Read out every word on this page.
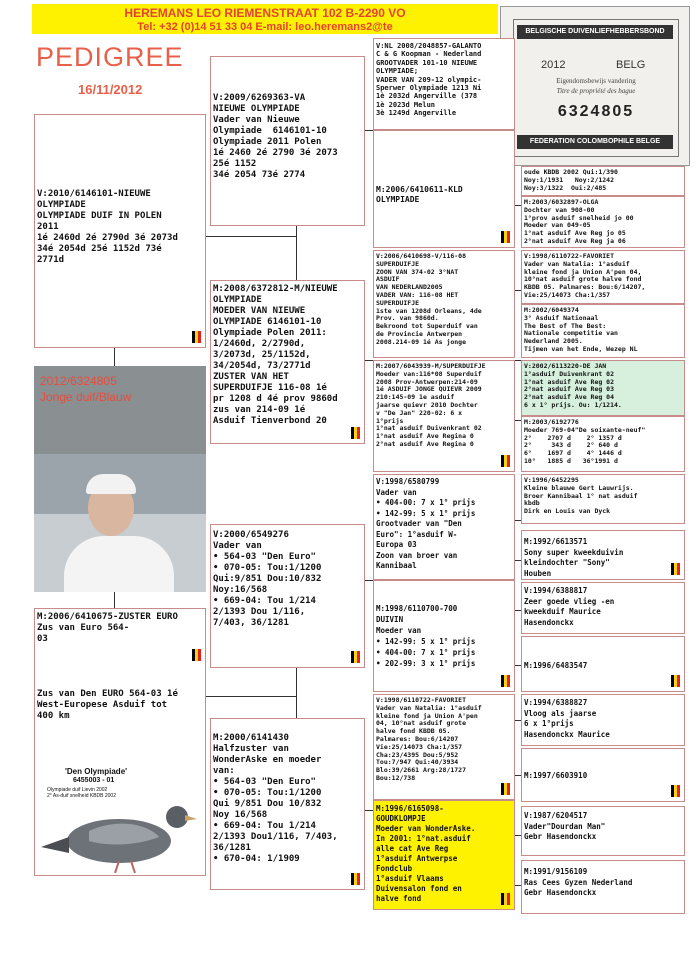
HEREMANS LEO RIEMENSTRAAT 102 B-2290 VO
Tel: +32 (0)14 51 33 04 E-mail: leo.heremans2@te
PEDIGREE
16/11/2012
BELGISCHE DUIVENLIEFHEBBERSBOND
2012	BELG
Eigendomsbewijs vandering
Titre de propriété des bague
6324805
FEDERATION COLOMBOPHILE BELGE
V:2010/6146101-NIEUWE
OLYMPIADE
OLYMPIADE DUIF IN POLEN
2011
1é 2460d 2é 2790d 3é 2073d
34é 2054d 25é 1152d 73é
2771d
2012/6324805
Jonge duif/Blauw
M:2006/6410675-ZUSTER EURO
Zus van Euro 564-
03

Zus van Den EURO 564-03 1é
West-Europese Asduif tot
400 km
'Den Olympiade'
6455003 - 01
Olympiade duif Lievin 2002
2° As-duif snelheid KBDB 2002
V:2009/6269363-VA
NIEUWE OLYMPIADE
Vader van Nieuwe
Olympiade  6146101-10
Olympiade 2011 Polen
1é 2460 2é 2790 3é 2073
25é 1152
34é 2054 73é 2774
M:2008/6372812-M/NIEUWE
OLYMPIADE
MOEDER VAN NIEUWE
OLYMPIADE 6146101-10
Olympiade Polen 2011:
1/2460d, 2/2790d,
3/2073d, 25/1152d,
34/2054d, 73/2771d
ZUSTER VAN HET
SUPERDUIFJE 116-08 1é
pr 1208 d 4é prov 9860d
zus van 214-09 1é
Asduif Tienverbond 20
V:2000/6549276
Vader van
• 564-03 "Den Euro"
• 070-05: Tou:1/1200
Qui:9/851 Dou:10/832
Noy:16/568
• 669-04: Tou 1/214
2/1393 Dou 1/116,
7/403, 36/1281
M:2000/6141430
Halfzuster van
WonderAske en moeder
van:
• 564-03 "Den Euro"
• 070-05: Tou:1/1200
Qui 9/851 Dou 10/832
Noy 16/568
• 669-04: Tou 1/214
2/1393 Dou1/116, 7/403,
36/1281
• 670-04: 1/1909
V:NL 2008/2048857-GALANTO
C & G Koopman - Nederland
GROOTVADER 101-10 NIEUWE
OLYMPIADE;
VADER VAN 209-12 olympic-
Sperwer Olympiade 1213 Ni
1è 2032d Angerville (378
1è 2023d Melun
3è 1249d Angerville
M:2006/6410611-KLD
OLYMPIADE
V:2006/6410698-V/116-08
SUPERDUIFJE
ZOON VAN 374-02 3°NAT
ASDUIF
VAN NEDERLAND2005
VADER VAN: 116-08 HET
SUPERDUIFJE
1ste van 1208d Orleans, 4de
Prov. van 9860d.
Bekroond tot Superduif van
de Provincie Antwerpen
2008.214-09 1é As jonge
M:2007/6043939-M/SUPERDUIFJE
Moeder van:116*08 Superduif
2008 Prov-Antwerpen:214-09
1é ASDUIF JONGE QUIEVR 2009
210:145-09 1e asduif
jaarse quievr 2010 Dochter
v "De Jan" 220-02: 6 x
1°prijs
1°nat asduif Duivenkrant 02
1°nat asduif Ave Regina 0
2°nat asduif Ave Regina 0
V:1998/6580799
Vader van
• 404-00: 7 x 1° prijs
• 142-99: 5 x 1° prijs
Grootvader van "Den
Euro": 1°asduif W-
Europa 03
Zoon van broer van
Kannibaal
M:1998/6110700-700
DUIVIN
Moeder van
• 142-99: 5 x 1° prijs
• 404-00: 7 x 1° prijs
• 202-99: 3 x 1° prijs
V:1998/6110722-FAVORIET
Vader van Natalia: 1°asduif
kleine fond ja Union A'pen
04, 10°nat asduif grote
halve fond KBDB 05.
Palmares: Bou:6/14207
Vie:25/14073 Cha:1/357
Cha:23/4395 Dou:5/952
Tou:7/947 Qui:40/3934
Blo:39/2661 Arg:28/1727
Bou:12/738
M:1996/6165098-
GOUDKLOMPJE
Moeder van WonderAske.
In 2001: 1°nat.asduif
alle cat Ave Reg
1°asduif Antwerpse
Fondclub
1°asduif Vlaams
Duivensalon fond en
halve fond
oude KBDB 2002 Qui:1/390
Noy:1/1931   Noy:2/1242
Noy:3/1322  Oui:2/485
M:2003/6032897-OLGA
Dochter van 908-00
1°prov asduif snelheid jo 00
Moeder van 049-05
1°nat asduif Ave Reg jo 05
2°nat asduif Ave Reg ja 06
V:1998/6110722-FAVORIET
Vader van Natalia: 1°asduif
kleine fond ja Union A'pen 04,
10°nat asduif grote halve fond
KBDB 05. Palmares: Bou:6/14207,
Vie:25/14073 Cha:1/357
M:2002/6049374
3° Asduif Nationaal
The Best of The Best:
Nationale competitie van
Nederland 2005.
Tijmen van het Ende, Wezep NL
V:2002/6113220-DE JAN
1°asduif Duivenkrant 02
1°nat asduif Ave Reg 02
2°nat asduif Ave Reg 03
2°nat asduif Ave Reg 04
6 x 1° prijs. Ou: 1/1214.
M:2003/6192776
Moeder 769-04"De soixante-neuf"
2°    2707 d    2° 1357 d
2°     343 d    2° 640 d
6°    1697 d    4° 1446 d
10°   1885 d   36°1991 d
V:1996/6452295
Kleine blauwe Gert Lauwrijs.
Broer Kannibaal 1° nat asduif
kbdb
Dirk en Louis van Dyck
M:1992/6613571
Sony super kweekduivin
kleindochter "Sony"
Houben
V:1994/6388817
Zeer goede vlieg -en
kweekduif Maurice
Hasendonckx
M:1996/6483547
V:1994/6388827
Vloog als jaarse
6 x 1°prijs
Hasendonckx Maurice
M:1997/6603910
V:1987/6204517
Vader"Dourdan Man"
Gebr Hasendonckx
M:1991/9156109
Ras Cees Gyzen Nederland
Gebr Hasendonckx
